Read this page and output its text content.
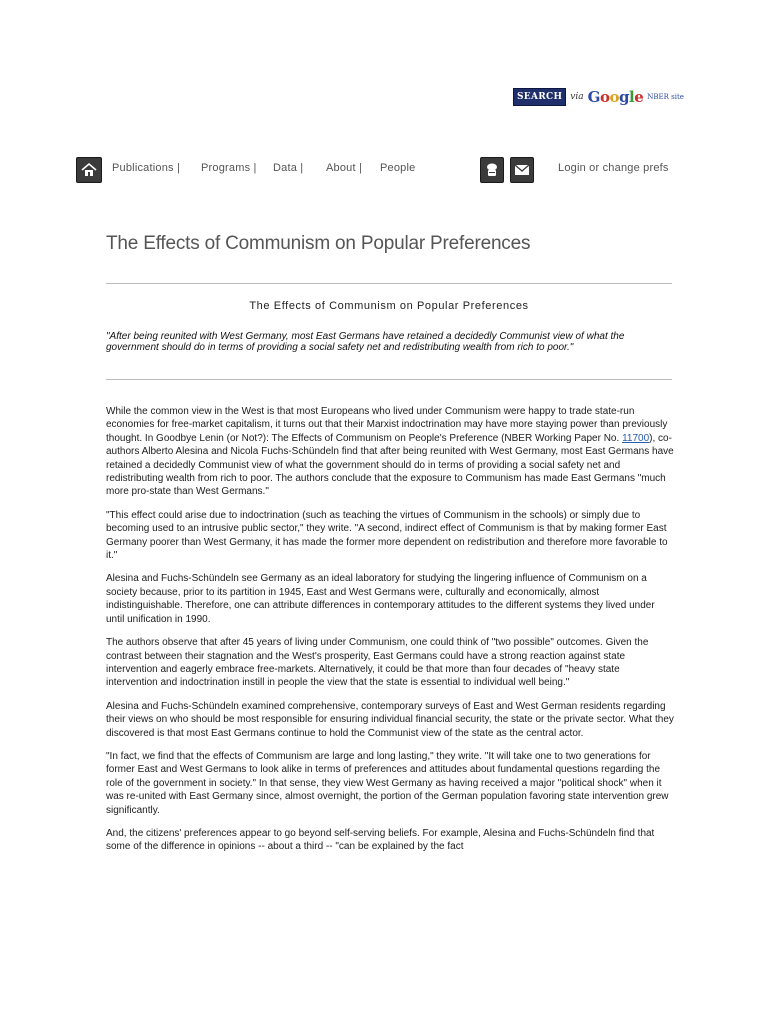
SEARCH via Google NBER site
Publications | Programs | Data | About | People	Login or change prefs
The Effects of Communism on Popular Preferences
The Effects of Communism on Popular Preferences
"After being reunited with West Germany, most East Germans have retained a decidedly Communist view of what the government should do in terms of providing a social safety net and redistributing wealth from rich to poor."

While the common view in the West is that most Europeans who lived under Communism were happy to trade state-run economies for free-market capitalism, it turns out that their Marxist indoctrination may have more staying power than previously thought. In Goodbye Lenin (or Not?): The Effects of Communism on People's Preference (NBER Working Paper No. 11700), co-authors Alberto Alesina and Nicola Fuchs-Schündeln find that after being reunited with West Germany, most East Germans have retained a decidedly Communist view of what the government should do in terms of providing a social safety net and redistributing wealth from rich to poor. The authors conclude that the exposure to Communism has made East Germans "much more pro-state than West Germans."

"This effect could arise due to indoctrination (such as teaching the virtues of Communism in the schools) or simply due to becoming used to an intrusive public sector," they write. "A second, indirect effect of Communism is that by making former East Germany poorer than West Germany, it has made the former more dependent on redistribution and therefore more favorable to it."

Alesina and Fuchs-Schündeln see Germany as an ideal laboratory for studying the lingering influence of Communism on a society because, prior to its partition in 1945, East and West Germans were, culturally and economically, almost indistinguishable. Therefore, one can attribute differences in contemporary attitudes to the different systems they lived under until unification in 1990.

The authors observe that after 45 years of living under Communism, one could think of "two possible" outcomes. Given the contrast between their stagnation and the West's prosperity, East Germans could have a strong reaction against state intervention and eagerly embrace free-markets. Alternatively, it could be that more than four decades of "heavy state intervention and indoctrination instill in people the view that the state is essential to individual well being."

Alesina and Fuchs-Schündeln examined comprehensive, contemporary surveys of East and West German residents regarding their views on who should be most responsible for ensuring individual financial security, the state or the private sector. What they discovered is that most East Germans continue to hold the Communist view of the state as the central actor.

"In fact, we find that the effects of Communism are large and long lasting," they write. "It will take one to two generations for former East and West Germans to look alike in terms of preferences and attitudes about fundamental questions regarding the role of the government in society." In that sense, they view West Germany as having received a major "political shock" when it was re-united with East Germany since, almost overnight, the portion of the German population favoring state intervention grew significantly.

And, the citizens' preferences appear to go beyond self-serving beliefs. For example, Alesina and Fuchs-Schündeln find that some of the difference in opinions -- about a third -- "can be explained by the fact
